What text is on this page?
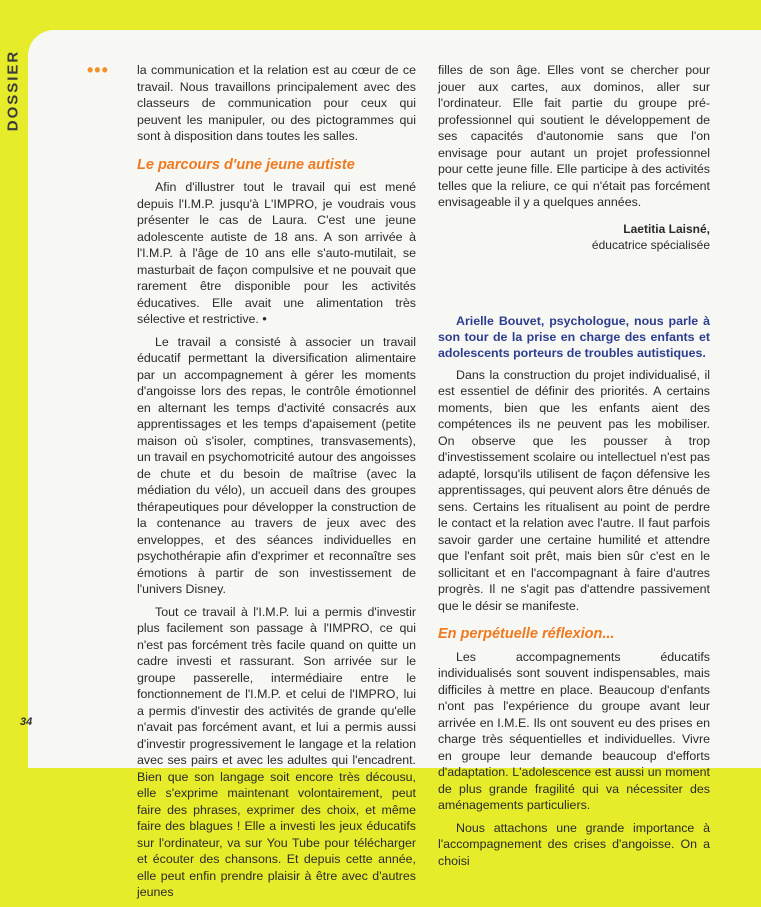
DOSSIER

	••• la communication et la relation est au cœur de ce travail. Nous travaillons principalement avec des classeurs de communication pour ceux qui peuvent les manipuler, ou des pictogrammes qui sont à disposition dans toutes les salles.

Le parcours d'une jeune autiste

Afin d'illustrer tout le travail qui est mené depuis l'I.M.P. jusqu'à L'IMPRO, je voudrais vous présenter le cas de Laura. C'est une jeune adolescente autiste de 18 ans. A son arrivée à l'I.M.P. à l'âge de 10 ans elle s'auto-mutilait, se masturbait de façon compulsive et ne pouvait que rarement être disponible pour les activités éducatives. Elle avait une alimentation très sélective et restrictive. •

Le travail a consisté à associer un travail éducatif permettant la diversification alimentaire par un accompagnement à gérer les moments d'angoisse lors des repas, le contrôle émotionnel en alternant les temps d'activité consacrés aux apprentissages et les temps d'apaisement (petite maison où s'isoler, comptines, transvasements), un travail en psychomotricité autour des angoisses de chute et du besoin de maîtrise (avec la médiation du vélo), un accueil dans des groupes thérapeutiques pour développer la construction de la contenance au travers de jeux avec des enveloppes, et des séances individuelles en psychothérapie afin d'exprimer et reconnaître ses émotions à partir de son investissement de l'univers Disney.

Tout ce travail à l'I.M.P. lui a permis d'investir plus facilement son passage à l'IMPRO, ce qui n'est pas forcément très facile quand on quitte un cadre investi et rassurant. Son arrivée sur le groupe passerelle, intermédiaire entre le fonctionnement de l'I.M.P. et celui de l'IMPRO, lui a permis d'investir des activités de grande qu'elle n'avait pas forcément avant, et lui a permis aussi d'investir progressivement le langage et la relation avec ses pairs et avec les adultes qui l'encadrent. Bien que son langage soit encore très décousu, elle s'exprime maintenant volontairement, peut faire des phrases, exprimer des choix, et même faire des blagues ! Elle a investi les jeux éducatifs sur l'ordinateur, va sur You Tube pour télécharger et écouter des chansons. Et depuis cette année, elle peut enfin prendre plaisir à être avec d'autres jeunes

filles de son âge. Elles vont se chercher pour jouer aux cartes, aux dominos, aller sur l'ordinateur. Elle fait partie du groupe pré-professionnel qui soutient le développement de ses capacités d'autonomie sans que l'on envisage pour autant un projet professionnel pour cette jeune fille. Elle participe à des activités telles que la reliure, ce qui n'était pas forcément envisageable il y a quelques années.

Laetitia Laisné,
éducatrice spécialisée
Arielle Bouvet, psychologue, nous parle à son tour de la prise en charge des enfants et adolescents porteurs de troubles autistiques.

Dans la construction du projet individualisé, il est essentiel de définir des priorités. A certains moments, bien que les enfants aient des compétences ils ne peuvent pas les mobiliser. On observe que les pousser à trop d'investissement scolaire ou intellectuel n'est pas adapté, lorsqu'ils utilisent de façon défensive les apprentissages, qui peuvent alors être dénués de sens. Certains les ritualisent au point de perdre le contact et la relation avec l'autre. Il faut parfois savoir garder une certaine humilité et attendre que l'enfant soit prêt, mais bien sûr c'est en le sollicitant et en l'accompagnant à faire d'autres progrès. Il ne s'agit pas d'attendre passivement que le désir se manifeste.

En perpétuelle réflexion...

Les accompagnements éducatifs individualisés sont souvent indispensables, mais difficiles à mettre en place. Beaucoup d'enfants n'ont pas l'expérience du groupe avant leur arrivée en I.M.E. Ils ont souvent eu des prises en charge très séquentielles et individuelles. Vivre en groupe leur demande beaucoup d'efforts d'adaptation. L'adolescence est aussi un moment de plus grande fragilité qui va nécessiter des aménagements particuliers.

Nous attachons une grande importance à l'accompagnement des crises d'angoisse. On a choisi

34
